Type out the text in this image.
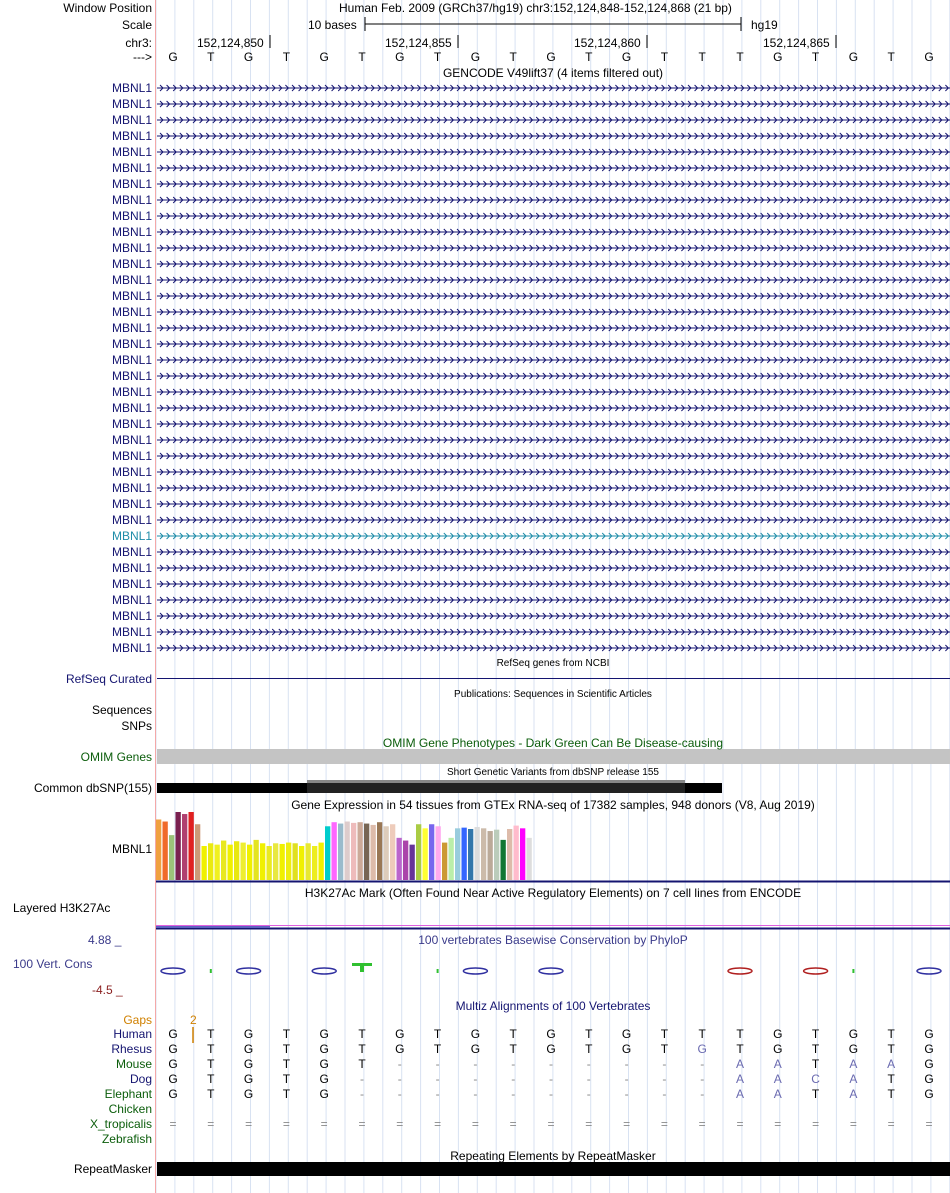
Window Position
Scale
chr3:
--->
Human Feb. 2009 (GRCh37/hg19) chr3:152,124,848-152,124,868 (21 bp)
10 bases	hg19
152,124,850	152,124,855	152,124,860	152,124,865
G	T	G	T	G	T	G	T	G	T	G	T	G	T	T	T	G	T	G	T	G
GENCODE V49lift37 (4 items filtered out)
MBNL1
MBNL1
MBNL1
MBNL1
MBNL1
MBNL1
MBNL1
MBNL1
MBNL1
MBNL1
MBNL1
MBNL1
MBNL1
MBNL1
MBNL1
MBNL1
MBNL1
MBNL1
MBNL1
MBNL1
MBNL1
MBNL1
MBNL1
MBNL1
MBNL1
MBNL1
MBNL1
MBNL1
MBNL1
MBNL1
MBNL1
MBNL1
MBNL1
MBNL1
MBNL1
MBNL1
RefSeq genes from NCBI
RefSeq Curated
Publications: Sequences in Scientific Articles
Sequences
SNPs
OMIM Gene Phenotypes - Dark Green Can Be Disease-causing
OMIM Genes
Short Genetic Variants from dbSNP release 155
Common dbSNP(155)
Gene Expression in 54 tissues from GTEx RNA-seq of 17382 samples, 948 donors (V8, Aug 2019)
MBNL1
H3K27Ac Mark (Often Found Near Active Regulatory Elements) on 7 cell lines from ENCODE
Layered H3K27Ac
100 vertebrates Basewise Conservation by PhyloP
4.88 _
100 Vert. Cons
-4.5 _
Multiz Alignments of 100 Vertebrates
Gaps	2
Human	G	T	G	T	G	T	G	T	G	T	G	T	G	T	T	T	G	T	G	T	G
Rhesus	G	T	G	T	G	T	G	T	G	T	G	T	G	T	G	T	G	T	G	T	G
Mouse	G	T	G	T	G	T	-	-	-	-	-	-	-	-	-	A	A	T	A	A	G
Dog	G	T	G	T	G	-	-	-	-	-	-	-	-	-	-	A	A	C	A	T	G
Elephant	G	T	G	T	G	-	-	-	-	-	-	-	-	-	-	A	A	T	A	T	G
Chicken
X_tropicalis	=	=	=	=	=	=	=	=	=	=	=	=	=	=	=	=	=	=	=	=	=
Zebrafish
Repeating Elements by RepeatMasker
RepeatMasker
